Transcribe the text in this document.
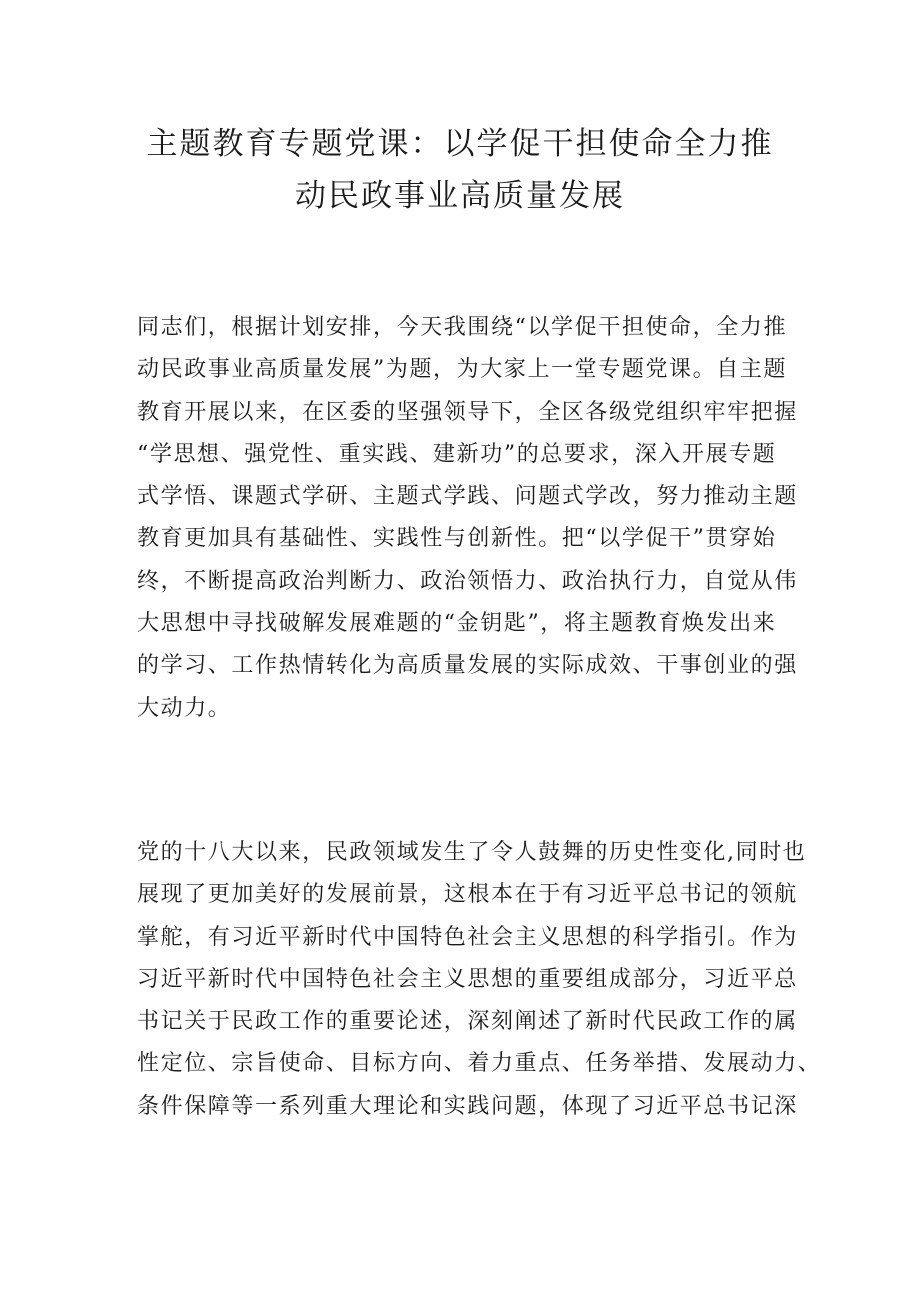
主题教育专题党课：以学促干担使命全力推
动民政事业高质量发展
同志们，根据计划安排，今天我围绕“以学促干担使命，全力推
动民政事业高质量发展”为题，为大家上一堂专题党课。自主题
教育开展以来，在区委的坚强领导下，全区各级党组织牢牢把握
“学思想、强党性、重实践、建新功”的总要求，深入开展专题
式学悟、课题式学研、主题式学践、问题式学改，努力推动主题
教育更加具有基础性、实践性与创新性。把“以学促干”贯穿始
终，不断提高政治判断力、政治领悟力、政治执行力，自觉从伟
大思想中寻找破解发展难题的“金钥匙”，将主题教育焕发出来
的学习、工作热情转化为高质量发展的实际成效、干事创业的强
大动力。
党的十八大以来，民政领域发生了令人鼓舞的历史性变化,同时也
展现了更加美好的发展前景，这根本在于有习近平总书记的领航
掌舵，有习近平新时代中国特色社会主义思想的科学指引。作为
习近平新时代中国特色社会主义思想的重要组成部分，习近平总
书记关于民政工作的重要论述，深刻阐述了新时代民政工作的属
性定位、宗旨使命、目标方向、着力重点、任务举措、发展动力、
条件保障等一系列重大理论和实践问题，体现了习近平总书记深
